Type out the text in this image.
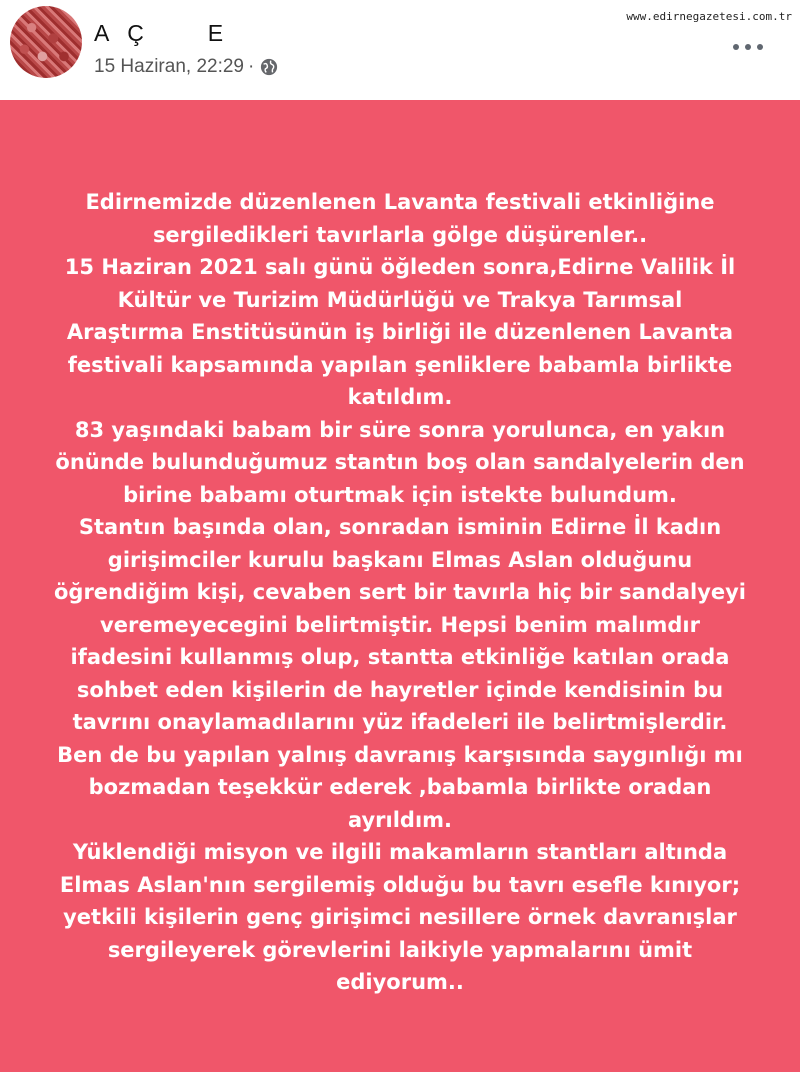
A   Ç          E
15 Haziran, 22:29 ·
www.edirnegazetesi.com.tr
Edirnemizde düzenlenen Lavanta festivali etkinliğine
sergiledikleri tavırlarla gölge düşürenler..
15 Haziran 2021 salı günü öğleden sonra,Edirne Valilik İl
Kültür ve Turizim Müdürlüğü ve Trakya Tarımsal
Araştırma Enstitüsünün iş birliği ile düzenlenen Lavanta
festivali kapsamında yapılan şenliklere babamla birlikte
katıldım.
83 yaşındaki babam bir süre sonra yorulunca, en yakın
önünde bulunduğumuz stantın boş olan sandalyelerin den
birine babamı oturtmak için istekte bulundum.
Stantın başında olan, sonradan isminin Edirne İl kadın
girişimciler kurulu başkanı Elmas Aslan olduğunu
öğrendiğim kişi, cevaben sert bir tavırla hiç bir sandalyeyi
veremeyecegini belirtmiştir. Hepsi benim malımdır
ifadesini kullanmış olup, stantta etkinliğe katılan orada
sohbet eden kişilerin de hayretler içinde kendisinin bu
tavrını onaylamadılarını yüz ifadeleri ile belirtmişlerdir.
Ben de bu yapılan yalnış davranış karşısında saygınlığı mı
bozmadan teşekkür ederek ,babamla birlikte oradan
ayrıldım.
Yüklendiği misyon ve ilgili makamların stantları altında
Elmas Aslan'nın sergilemiş olduğu bu tavrı esefle kınıyor;
yetkili kişilerin genç girişimci nesillere örnek davranışlar
sergileyerek görevlerini laikiyle yapmalarını ümit
ediyorum..
